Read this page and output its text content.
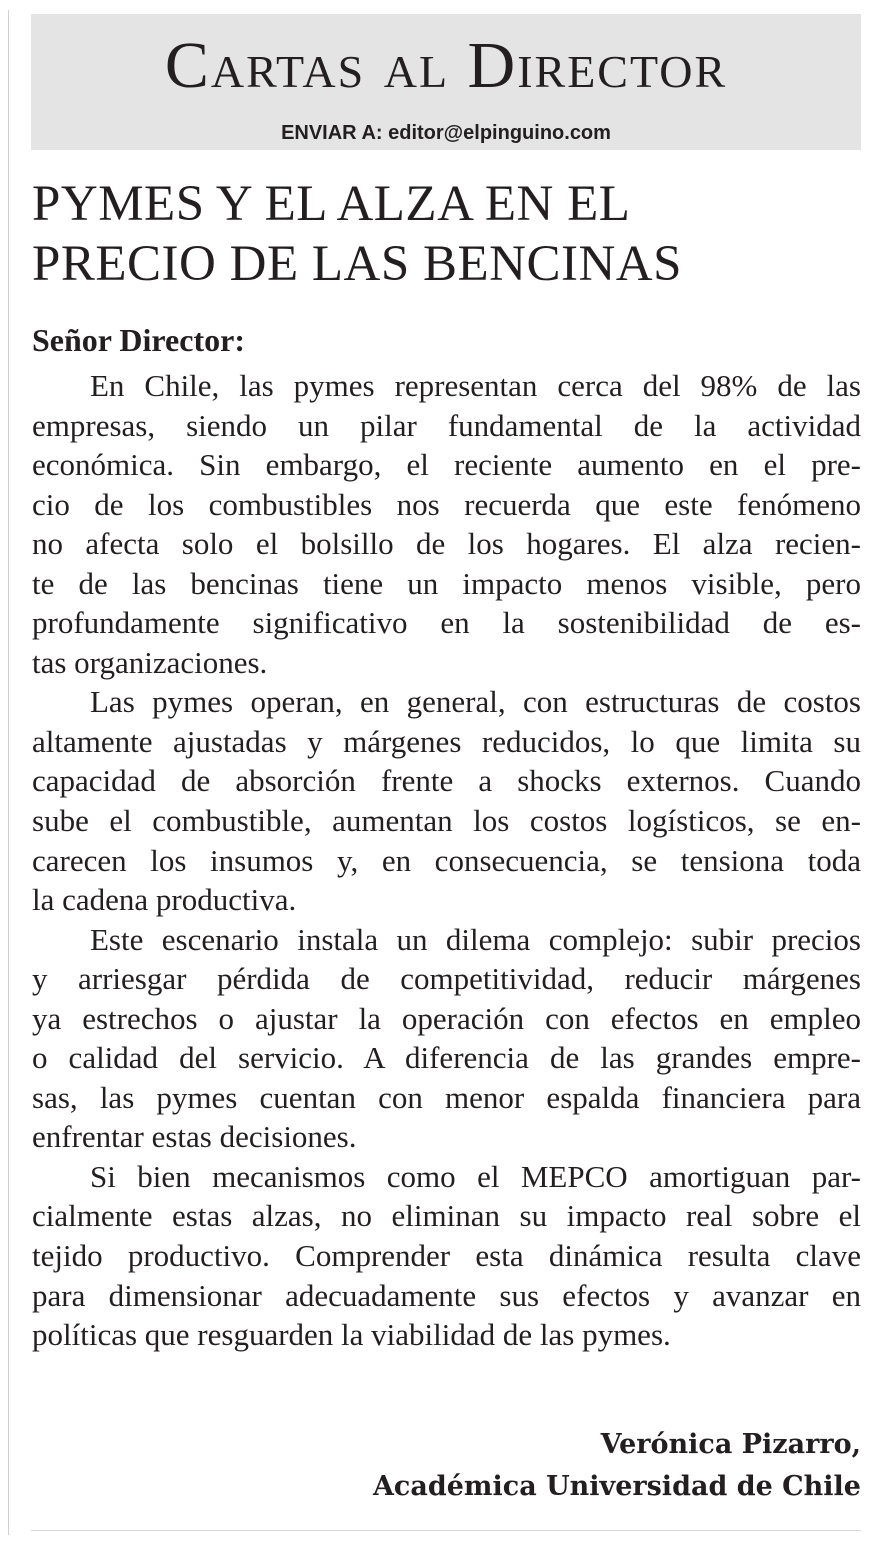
Cartas al Director
ENVIAR A: editor@elpinguino.com
PYMES Y EL ALZA EN EL
PRECIO DE LAS BENCINAS
Señor Director:
En Chile, las pymes representan cerca del 98% de las
empresas, siendo un pilar fundamental de la actividad
económica. Sin embargo, el reciente aumento en el pre-
cio de los combustibles nos recuerda que este fenómeno
no afecta solo el bolsillo de los hogares. El alza recien-
te de las bencinas tiene un impacto menos visible, pero
profundamente significativo en la sostenibilidad de es-
tas organizaciones.
Las pymes operan, en general, con estructuras de costos
altamente ajustadas y márgenes reducidos, lo que limita su
capacidad de absorción frente a shocks externos. Cuando
sube el combustible, aumentan los costos logísticos, se en-
carecen los insumos y, en consecuencia, se tensiona toda
la cadena productiva.
Este escenario instala un dilema complejo: subir precios
y arriesgar pérdida de competitividad, reducir márgenes
ya estrechos o ajustar la operación con efectos en empleo
o calidad del servicio. A diferencia de las grandes empre-
sas, las pymes cuentan con menor espalda financiera para
enfrentar estas decisiones.
Si bien mecanismos como el MEPCO amortiguan par-
cialmente estas alzas, no eliminan su impacto real sobre el
tejido productivo. Comprender esta dinámica resulta clave
para dimensionar adecuadamente sus efectos y avanzar en
políticas que resguarden la viabilidad de las pymes.
Verónica Pizarro,
Académica Universidad de Chile
